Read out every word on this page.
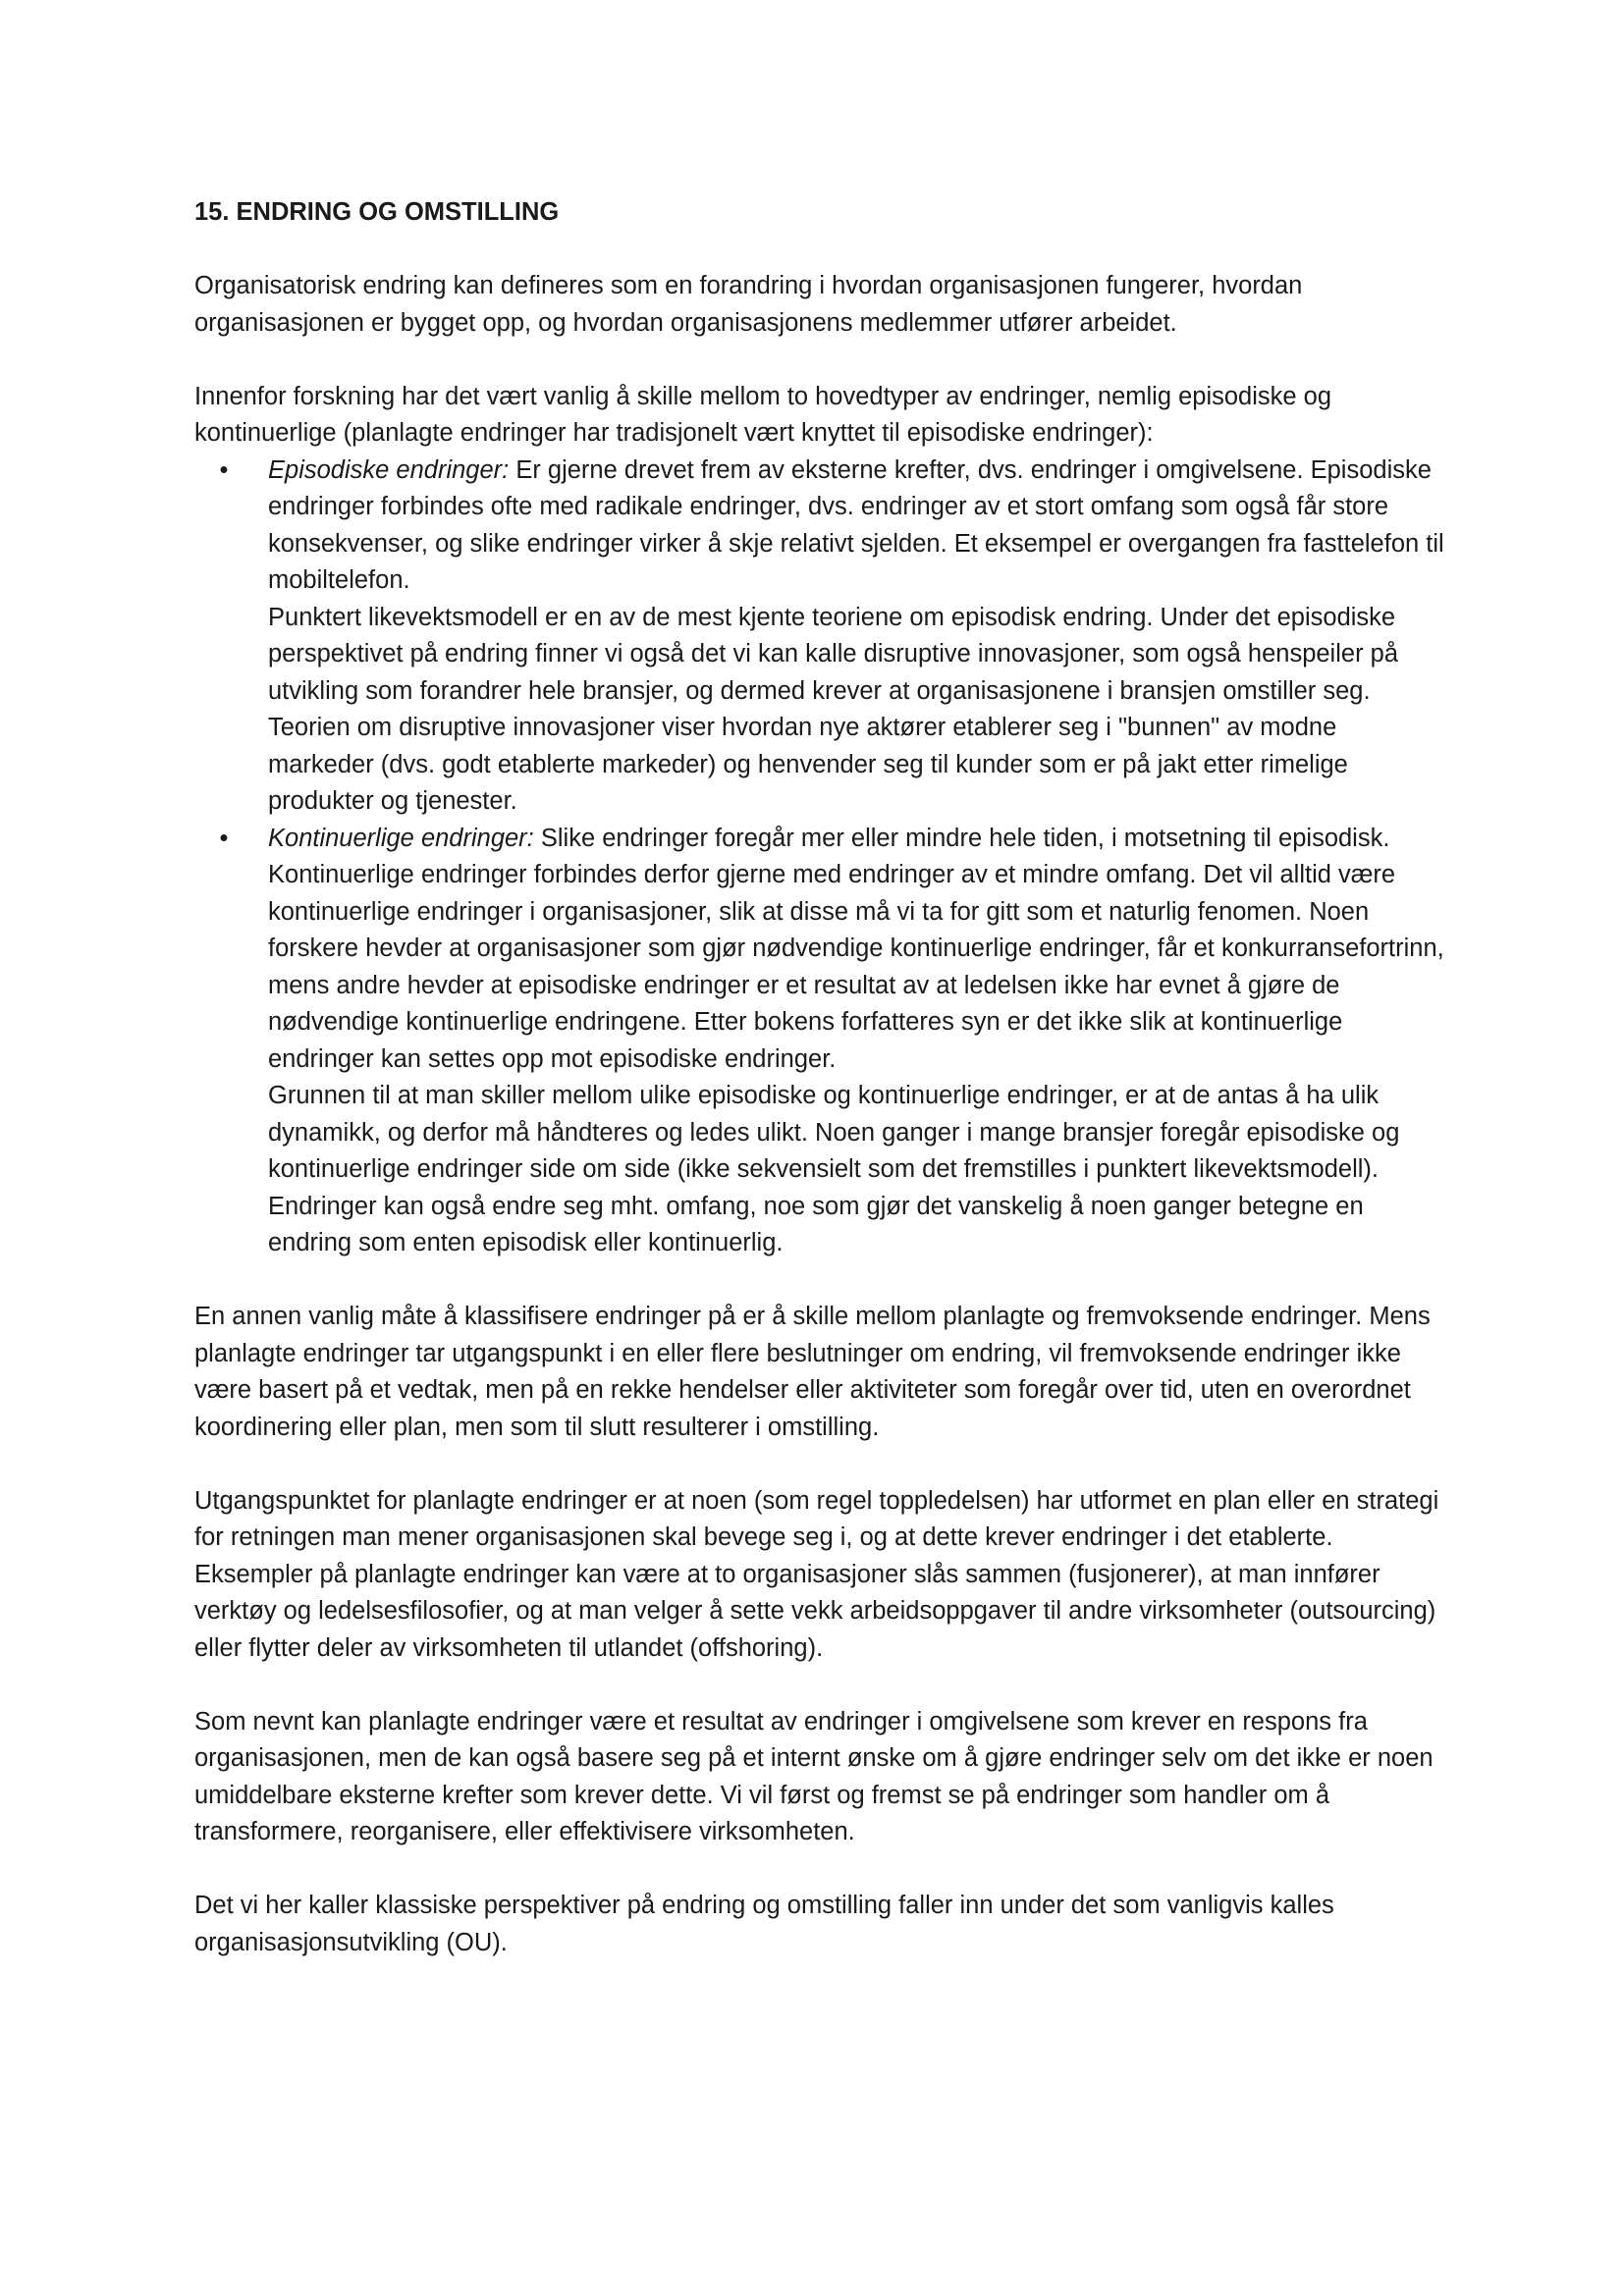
15. ENDRING OG OMSTILLING

Organisatorisk endring kan defineres som en forandring i hvordan organisasjonen fungerer, hvordan organisasjonen er bygget opp, og hvordan organisasjonens medlemmer utfører arbeidet.

Innenfor forskning har det vært vanlig å skille mellom to hovedtyper av endringer, nemlig episodiske og kontinuerlige (planlagte endringer har tradisjonelt vært knyttet til episodiske endringer):

• Episodiske endringer: Er gjerne drevet frem av eksterne krefter, dvs. endringer i omgivelsene. Episodiske endringer forbindes ofte med radikale endringer, dvs. endringer av et stort omfang som også får store konsekvenser, og slike endringer virker å skje relativt sjelden. Et eksempel er overgangen fra fasttelefon til mobiltelefon.
Punktert likevektsmodell er en av de mest kjente teoriene om episodisk endring. Under det episodiske perspektivet på endring finner vi også det vi kan kalle disruptive innovasjoner, som også henspeiler på utvikling som forandrer hele bransjer, og dermed krever at organisasjonene i bransjen omstiller seg. Teorien om disruptive innovasjoner viser hvordan nye aktører etablerer seg i "bunnen" av modne markeder (dvs. godt etablerte markeder) og henvender seg til kunder som er på jakt etter rimelige produkter og tjenester.
• Kontinuerlige endringer: Slike endringer foregår mer eller mindre hele tiden, i motsetning til episodisk. Kontinuerlige endringer forbindes derfor gjerne med endringer av et mindre omfang. Det vil alltid være kontinuerlige endringer i organisasjoner, slik at disse må vi ta for gitt som et naturlig fenomen. Noen forskere hevder at organisasjoner som gjør nødvendige kontinuerlige endringer, får et konkurransefortrinn, mens andre hevder at episodiske endringer er et resultat av at ledelsen ikke har evnet å gjøre de nødvendige kontinuerlige endringene. Etter bokens forfatteres syn er det ikke slik at kontinuerlige endringer kan settes opp mot episodiske endringer.
Grunnen til at man skiller mellom ulike episodiske og kontinuerlige endringer, er at de antas å ha ulik dynamikk, og derfor må håndteres og ledes ulikt. Noen ganger i mange bransjer foregår episodiske og kontinuerlige endringer side om side (ikke sekvensielt som det fremstilles i punktert likevektsmodell). Endringer kan også endre seg mht. omfang, noe som gjør det vanskelig å noen ganger betegne en endring som enten episodisk eller kontinuerlig.

En annen vanlig måte å klassifisere endringer på er å skille mellom planlagte og fremvoksende endringer. Mens planlagte endringer tar utgangspunkt i en eller flere beslutninger om endring, vil fremvoksende endringer ikke være basert på et vedtak, men på en rekke hendelser eller aktiviteter som foregår over tid, uten en overordnet koordinering eller plan, men som til slutt resulterer i omstilling.

Utgangspunktet for planlagte endringer er at noen (som regel toppledelsen) har utformet en plan eller en strategi for retningen man mener organisasjonen skal bevege seg i, og at dette krever endringer i det etablerte. Eksempler på planlagte endringer kan være at to organisasjoner slås sammen (fusjonerer), at man innfører verktøy og ledelsesfilosofier, og at man velger å sette vekk arbeidsoppgaver til andre virksomheter (outsourcing) eller flytter deler av virksomheten til utlandet (offshoring).

Som nevnt kan planlagte endringer være et resultat av endringer i omgivelsene som krever en respons fra organisasjonen, men de kan også basere seg på et internt ønske om å gjøre endringer selv om det ikke er noen umiddelbare eksterne krefter som krever dette. Vi vil først og fremst se på endringer som handler om å transformere, reorganisere, eller effektivisere virksomheten.

Det vi her kaller klassiske perspektiver på endring og omstilling faller inn under det som vanligvis kalles organisasjonsutvikling (OU).
